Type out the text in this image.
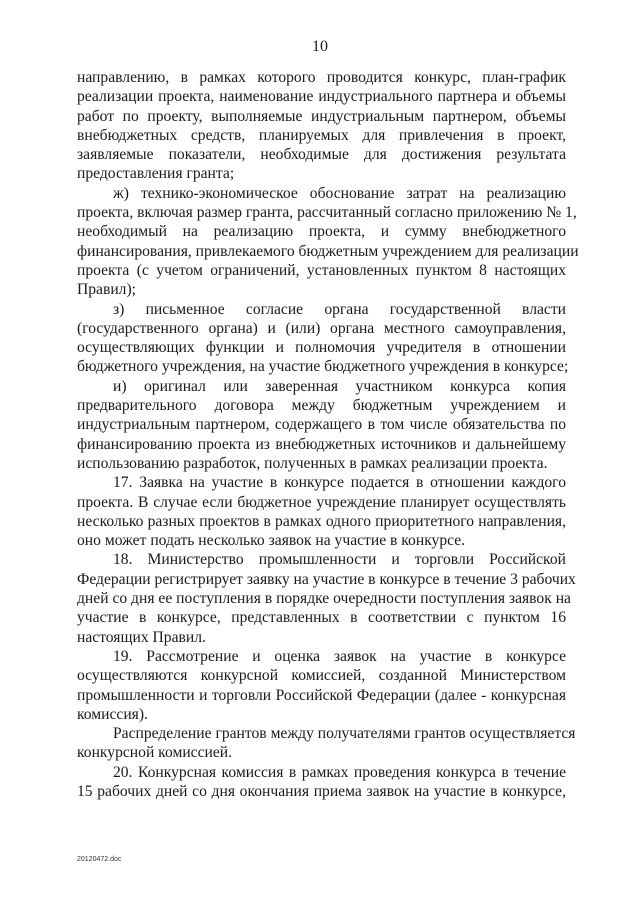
10
направлению, в рамках которого проводится конкурс, план-график
реализации проекта, наименование индустриального партнера и объемы
работ по проекту, выполняемые индустриальным партнером, объемы
внебюджетных средств, планируемых для привлечения в проект,
заявляемые показатели, необходимые для достижения результата
предоставления гранта;
ж) технико-экономическое обоснование затрат на реализацию
проекта, включая размер гранта, рассчитанный согласно приложению № 1,
необходимый на реализацию проекта, и сумму внебюджетного
финансирования, привлекаемого бюджетным учреждением для реализации
проекта (с учетом ограничений, установленных пунктом 8 настоящих
Правил);
з) письменное согласие органа государственной власти
(государственного органа) и (или) органа местного самоуправления,
осуществляющих функции и полномочия учредителя в отношении
бюджетного учреждения, на участие бюджетного учреждения в конкурсе;
и) оригинал или заверенная участником конкурса копия
предварительного договора между бюджетным учреждением и
индустриальным партнером, содержащего в том числе обязательства по
финансированию проекта из внебюджетных источников и дальнейшему
использованию разработок, полученных в рамках реализации проекта.
17. Заявка на участие в конкурсе подается в отношении каждого
проекта. В случае если бюджетное учреждение планирует осуществлять
несколько разных проектов в рамках одного приоритетного направления,
оно может подать несколько заявок на участие в конкурсе.
18. Министерство промышленности и торговли Российской
Федерации регистрирует заявку на участие в конкурсе в течение 3 рабочих
дней со дня ее поступления в порядке очередности поступления заявок на
участие в конкурсе, представленных в соответствии с пунктом 16
настоящих Правил.
19. Рассмотрение и оценка заявок на участие в конкурсе
осуществляются конкурсной комиссией, созданной Министерством
промышленности и торговли Российской Федерации (далее - конкурсная
комиссия).
Распределение грантов между получателями грантов осуществляется
конкурсной комиссией.
20. Конкурсная комиссия в рамках проведения конкурса в течение
15 рабочих дней со дня окончания приема заявок на участие в конкурсе,
20120472.doc
